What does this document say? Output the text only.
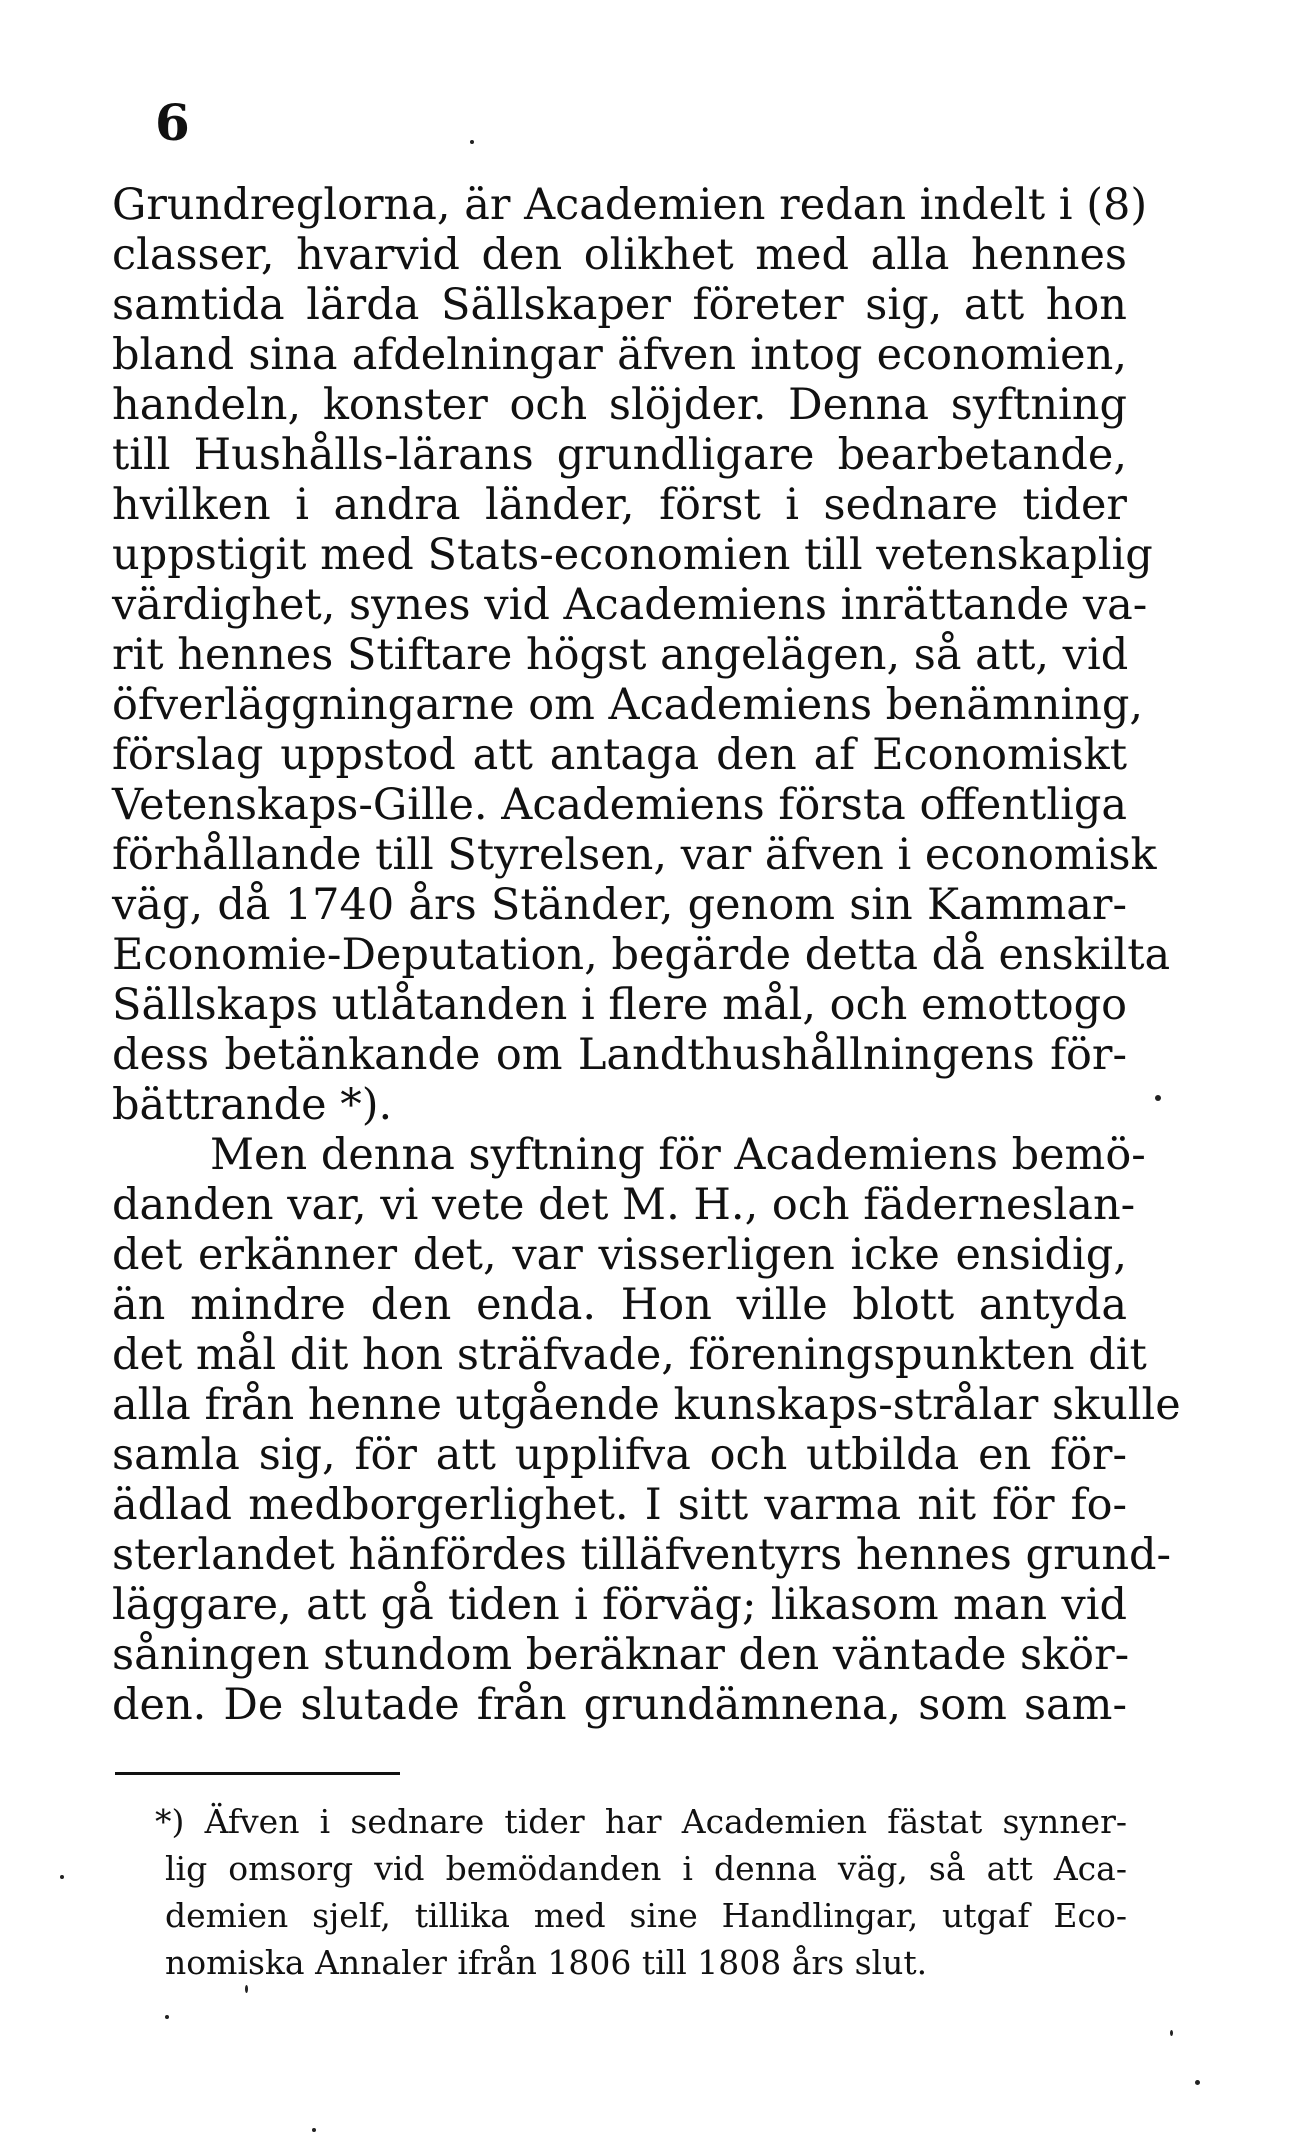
6
Grundreglorna, är Academien redan indelt i (8)
classer, hvarvid den olikhet med alla hennes
samtida lärda Sällskaper företer sig, att hon
bland sina afdelningar äfven intog economien,
handeln, konster och slöjder. Denna syftning
till Hushålls-lärans grundligare bearbetande,
hvilken i andra länder, först i sednare tider
uppstigit med Stats-economien till vetenskaplig
värdighet, synes vid Academiens inrättande va-
rit hennes Stiftare högst angelägen, så att, vid
öfverläggningarne om Academiens benämning,
förslag uppstod att antaga den af Economiskt
Vetenskaps-Gille. Academiens första offentliga
förhållande till Styrelsen, var äfven i economisk
väg, då 1740 års Ständer, genom sin Kammar-
Economie-Deputation, begärde detta då enskilta
Sällskaps utlåtanden i flere mål, och emottogo
dess betänkande om Landthushållningens för-
bättrande *).
Men denna syftning för Academiens bemö-
danden var, vi vete det M. H., och fäderneslan-
det erkänner det, var visserligen icke ensidig,
än mindre den enda. Hon ville blott antyda
det mål dit hon sträfvade, föreningspunkten dit
alla från henne utgående kunskaps-strålar skulle
samla sig, för att upplifva och utbilda en för-
ädlad medborgerlighet. I sitt varma nit för fo-
sterlandet hänfördes tilläfventyrs hennes grund-
läggare, att gå tiden i förväg; likasom man vid
såningen stundom beräknar den väntade skör-
den. De slutade från grundämnena, som sam-
*) Äfven i sednare tider har Academien fästat synner-
lig omsorg vid bemödanden i denna väg, så att Aca-
demien sjelf, tillika med sine Handlingar, utgaf Eco-
nomiska Annaler ifrån 1806 till 1808 års slut.
